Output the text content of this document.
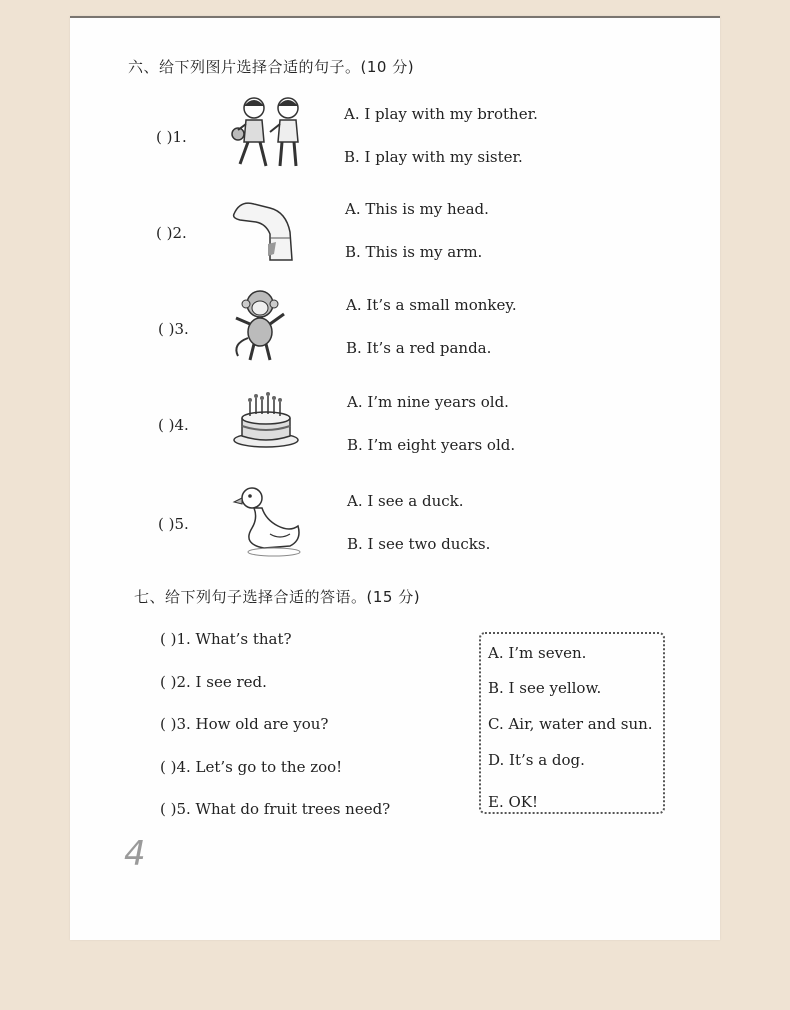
六、给下列图片选择合适的句子。(10 分)
( )1.
A. I play with my brother.
B. I play with my sister.
( )2.
A. This is my head.
B. This is my arm.
( )3.
A. It’s a small monkey.
B. It’s a red panda.
( )4.
A. I’m nine years old.
B. I’m eight years old.
( )5.
A. I see a duck.
B. I see two ducks.
七、给下列句子选择合适的答语。(15 分)
( )1. What’s that?
( )2. I see red.
( )3. How old are you?
( )4. Let’s go to the zoo!
( )5. What do fruit trees need?
A. I’m seven.
B. I see yellow.
C. Air, water and sun.
D. It’s a dog.
E. OK!
4
